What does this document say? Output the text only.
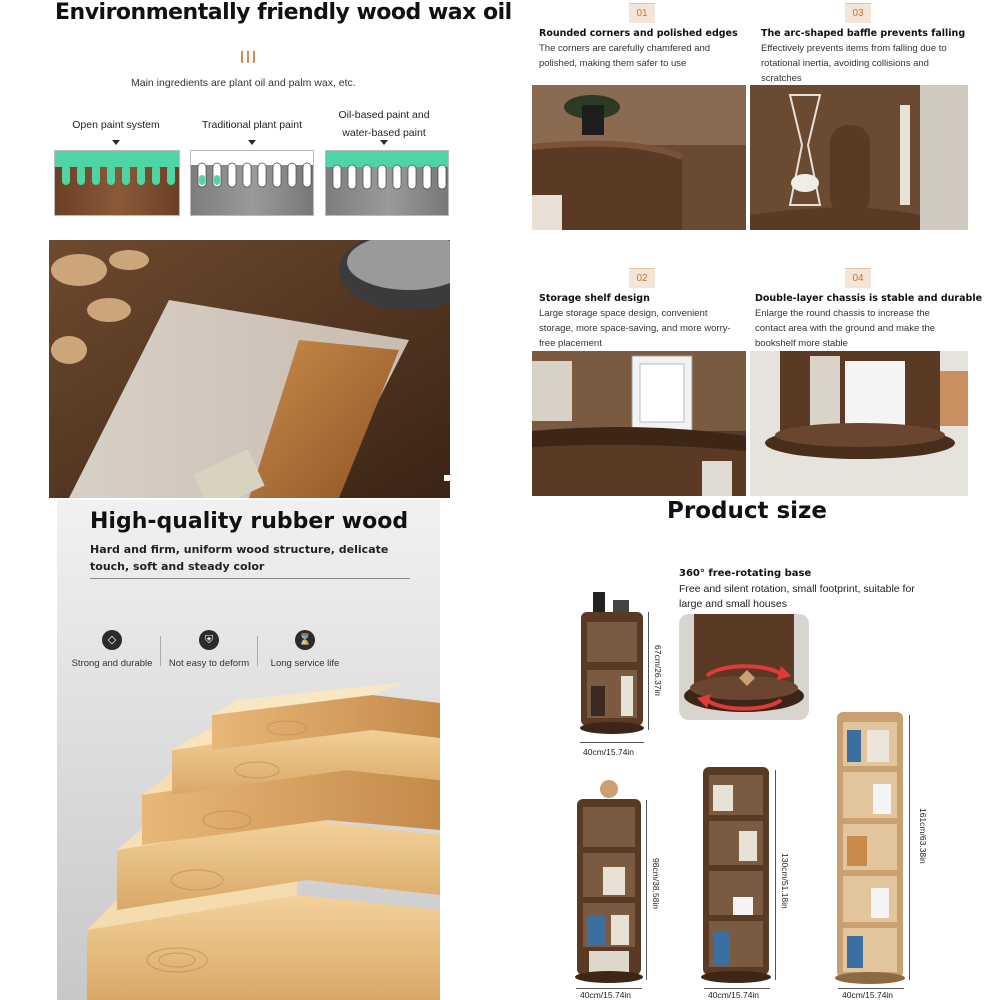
Environmentally friendly wood wax oil
Main ingredients are plant oil and palm wax, etc.
Open paint system	Traditional plant paint
Oil-based paint and
water-based paint
01
Rounded corners and polished edges
The corners are carefully chamfered and polished, making them safer to use
03
The arc-shaped baffle prevents falling
Effectively prevents items from falling due to rotational inertia, avoiding collisions and scratches
02
Storage shelf design
Large storage space design, convenient storage, more space-saving, and more worry-free placement
04
Double-layer chassis is stable and durable
Enlarge the round chassis to increase the contact area with the ground and make the bookshelf more stable
High-quality rubber wood
Hard and firm, uniform wood structure, delicate touch, soft and steady color
◇
Strong and durable
⛨
Not easy to deform
⌛
Long service life
Product size
360° free-rotating base
Free and silent rotation, small footprint, suitable for large and small houses
67cm/26.37in
40cm/15.74in
98cm/38.58in
40cm/15.74in
130cm/51.18in
40cm/15.74in
161cm/63.38in
40cm/15.74in
